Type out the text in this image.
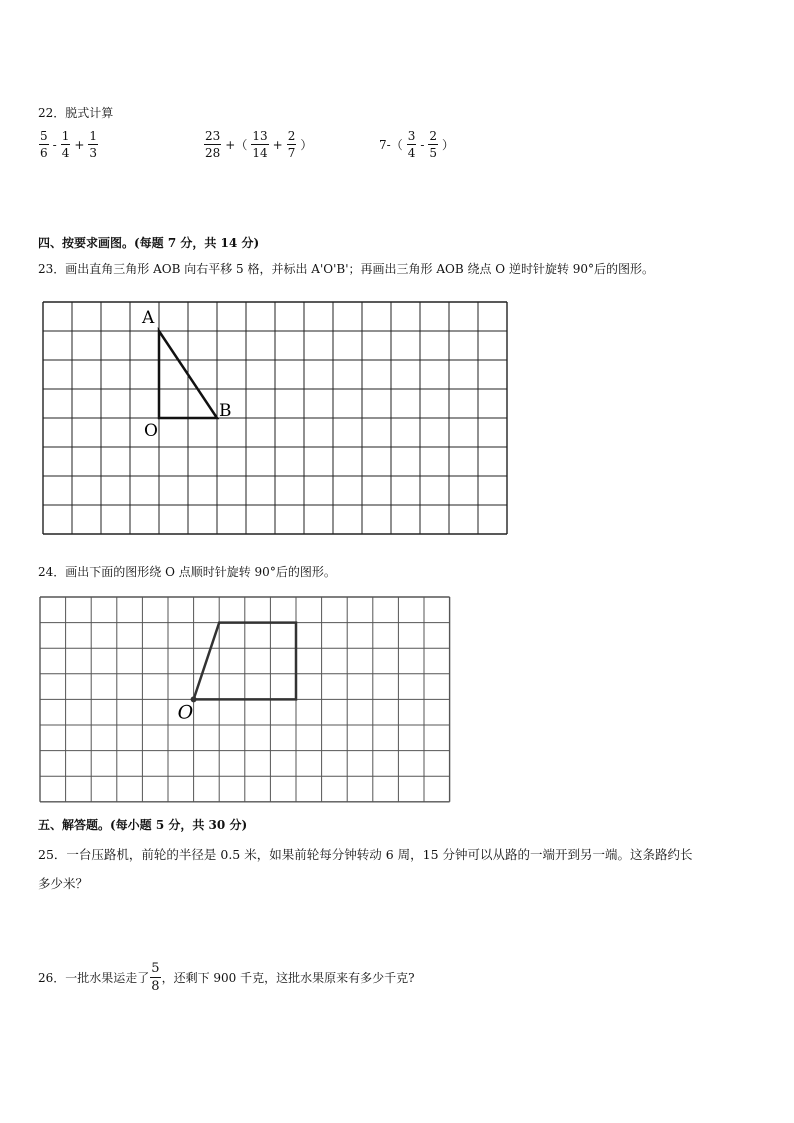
22．脱式计算
$\frac{5}{6} - \frac{1}{4} + \frac{1}{3}$	$\frac{23}{28}$ +（ $\frac{13}{14} + \frac{2}{7}$ ）	$7-( \frac{3}{4} - \frac{2}{5}$ ）
四、按要求画图。(每题 7 分，共 14 分)
23．画出直角三角形 AOB 向右平移 5 格，并标出 A'O'B'；再画出三角形 AOB 绕点 O 逆时针旋转 90°后的图形。
A
B
O
O
24．画出下面的图形绕 O 点顺时针旋转 90°后的图形。
五、解答题。(每小题 5 分，共 30 分)
25．一台压路机，前轮的半径是 0.5 米，如果前轮每分钟转动 6 周，15 分钟可以从路的一端开到另一端。这条路约长
多少米？
26．一批水果运走了 $\frac{5}{8}$ ，还剩下 900 千克，这批水果原来有多少千克?
